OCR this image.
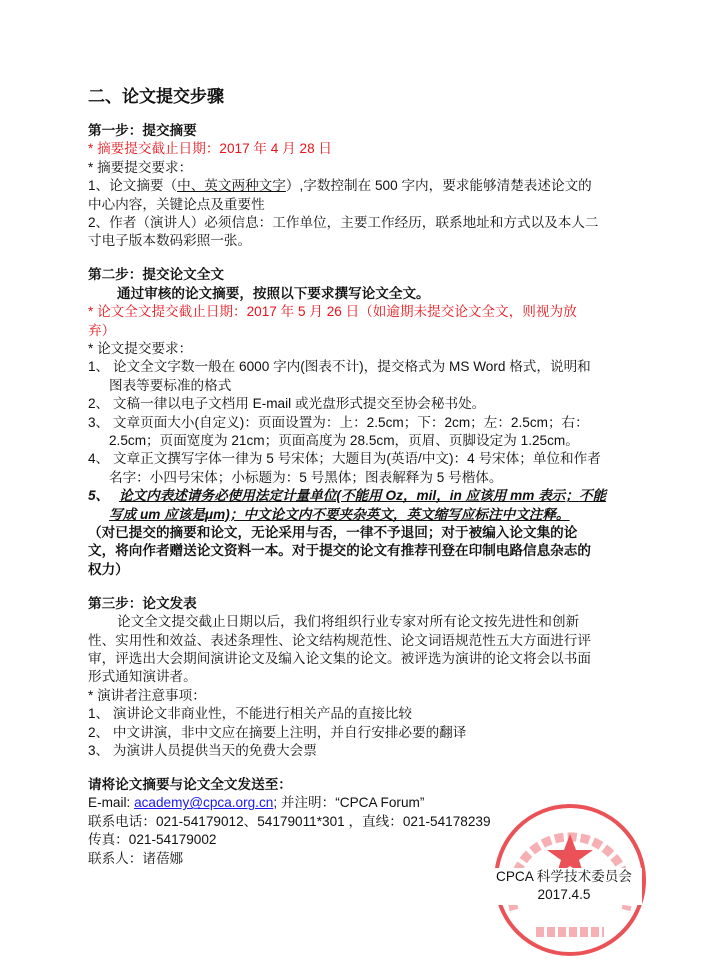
二、论文提交步骤
第一步：提交摘要
* 摘要提交截止日期：2017 年 4 月 28 日
* 摘要提交要求：
1、论文摘要（中、英文两种文字）,字数控制在 500 字内，要求能够清楚表述论文的
中心内容，关键论点及重要性
2、作者（演讲人）必须信息：工作单位，主要工作经历，联系地址和方式以及本人二
寸电子版本数码彩照一张。
第二步：提交论文全文
通过审核的论文摘要，按照以下要求撰写论文全文。
* 论文全文提交截止日期：2017 年 5 月 26 日（如逾期未提交论文全文，则视为放
弃）
* 论文提交要求：
1、 论文全文字数一般在 6000 字内(图表不计)，提交格式为 MS Word 格式，说明和
图表等要标准的格式
2、 文稿一律以电子文档用 E-mail 或光盘形式提交至协会秘书处。
3、 文章页面大小(自定义)：页面设置为：上：2.5cm；下：2cm；左：2.5cm；右：
2.5cm；页面宽度为 21cm；页面高度为 28.5cm，页眉、页脚设定为 1.25cm。
4、 文章正文撰写字体一律为 5 号宋体；大题目为(英语/中文)：4 号宋体；单位和作者
名字：小四号宋体；小标题为：5 号黑体；图表解释为 5 号楷体。
5、 论文内表述请务必使用法定计量单位(不能用 Oz，mil，in 应该用 mm 表示；不能
写成 um 应该是μm)；中文论文内不要夹杂英文，英文缩写应标注中文注释。
（对已提交的摘要和论文，无论采用与否，一律不予退回；对于被编入论文集的论
文，将向作者赠送论文资料一本。对于提交的论文有推荐刊登在印制电路信息杂志的
权力）
第三步：论文发表
论文全文提交截止日期以后，我们将组织行业专家对所有论文按先进性和创新
性、实用性和效益、表述条理性、论文结构规范性、论文词语规范性五大方面进行评
审，评选出大会期间演讲论文及编入论文集的论文。被评选为演讲的论文将会以书面
形式通知演讲者。
* 演讲者注意事项：
1、 演讲论文非商业性，不能进行相关产品的直接比较
2、 中文讲演，非中文应在摘要上注明，并自行安排必要的翻译
3、 为演讲人员提供当天的免费大会票
请将论文摘要与论文全文发送至：
E-mail: academy@cpca.org.cn; 并注明：“CPCA Forum”
联系电话：021-54179012、54179011*301 ，直线：021-54178239
传真：021-54179002
联系人：诸蓓娜
CPCA 科学技术委员会
2017.4.5
